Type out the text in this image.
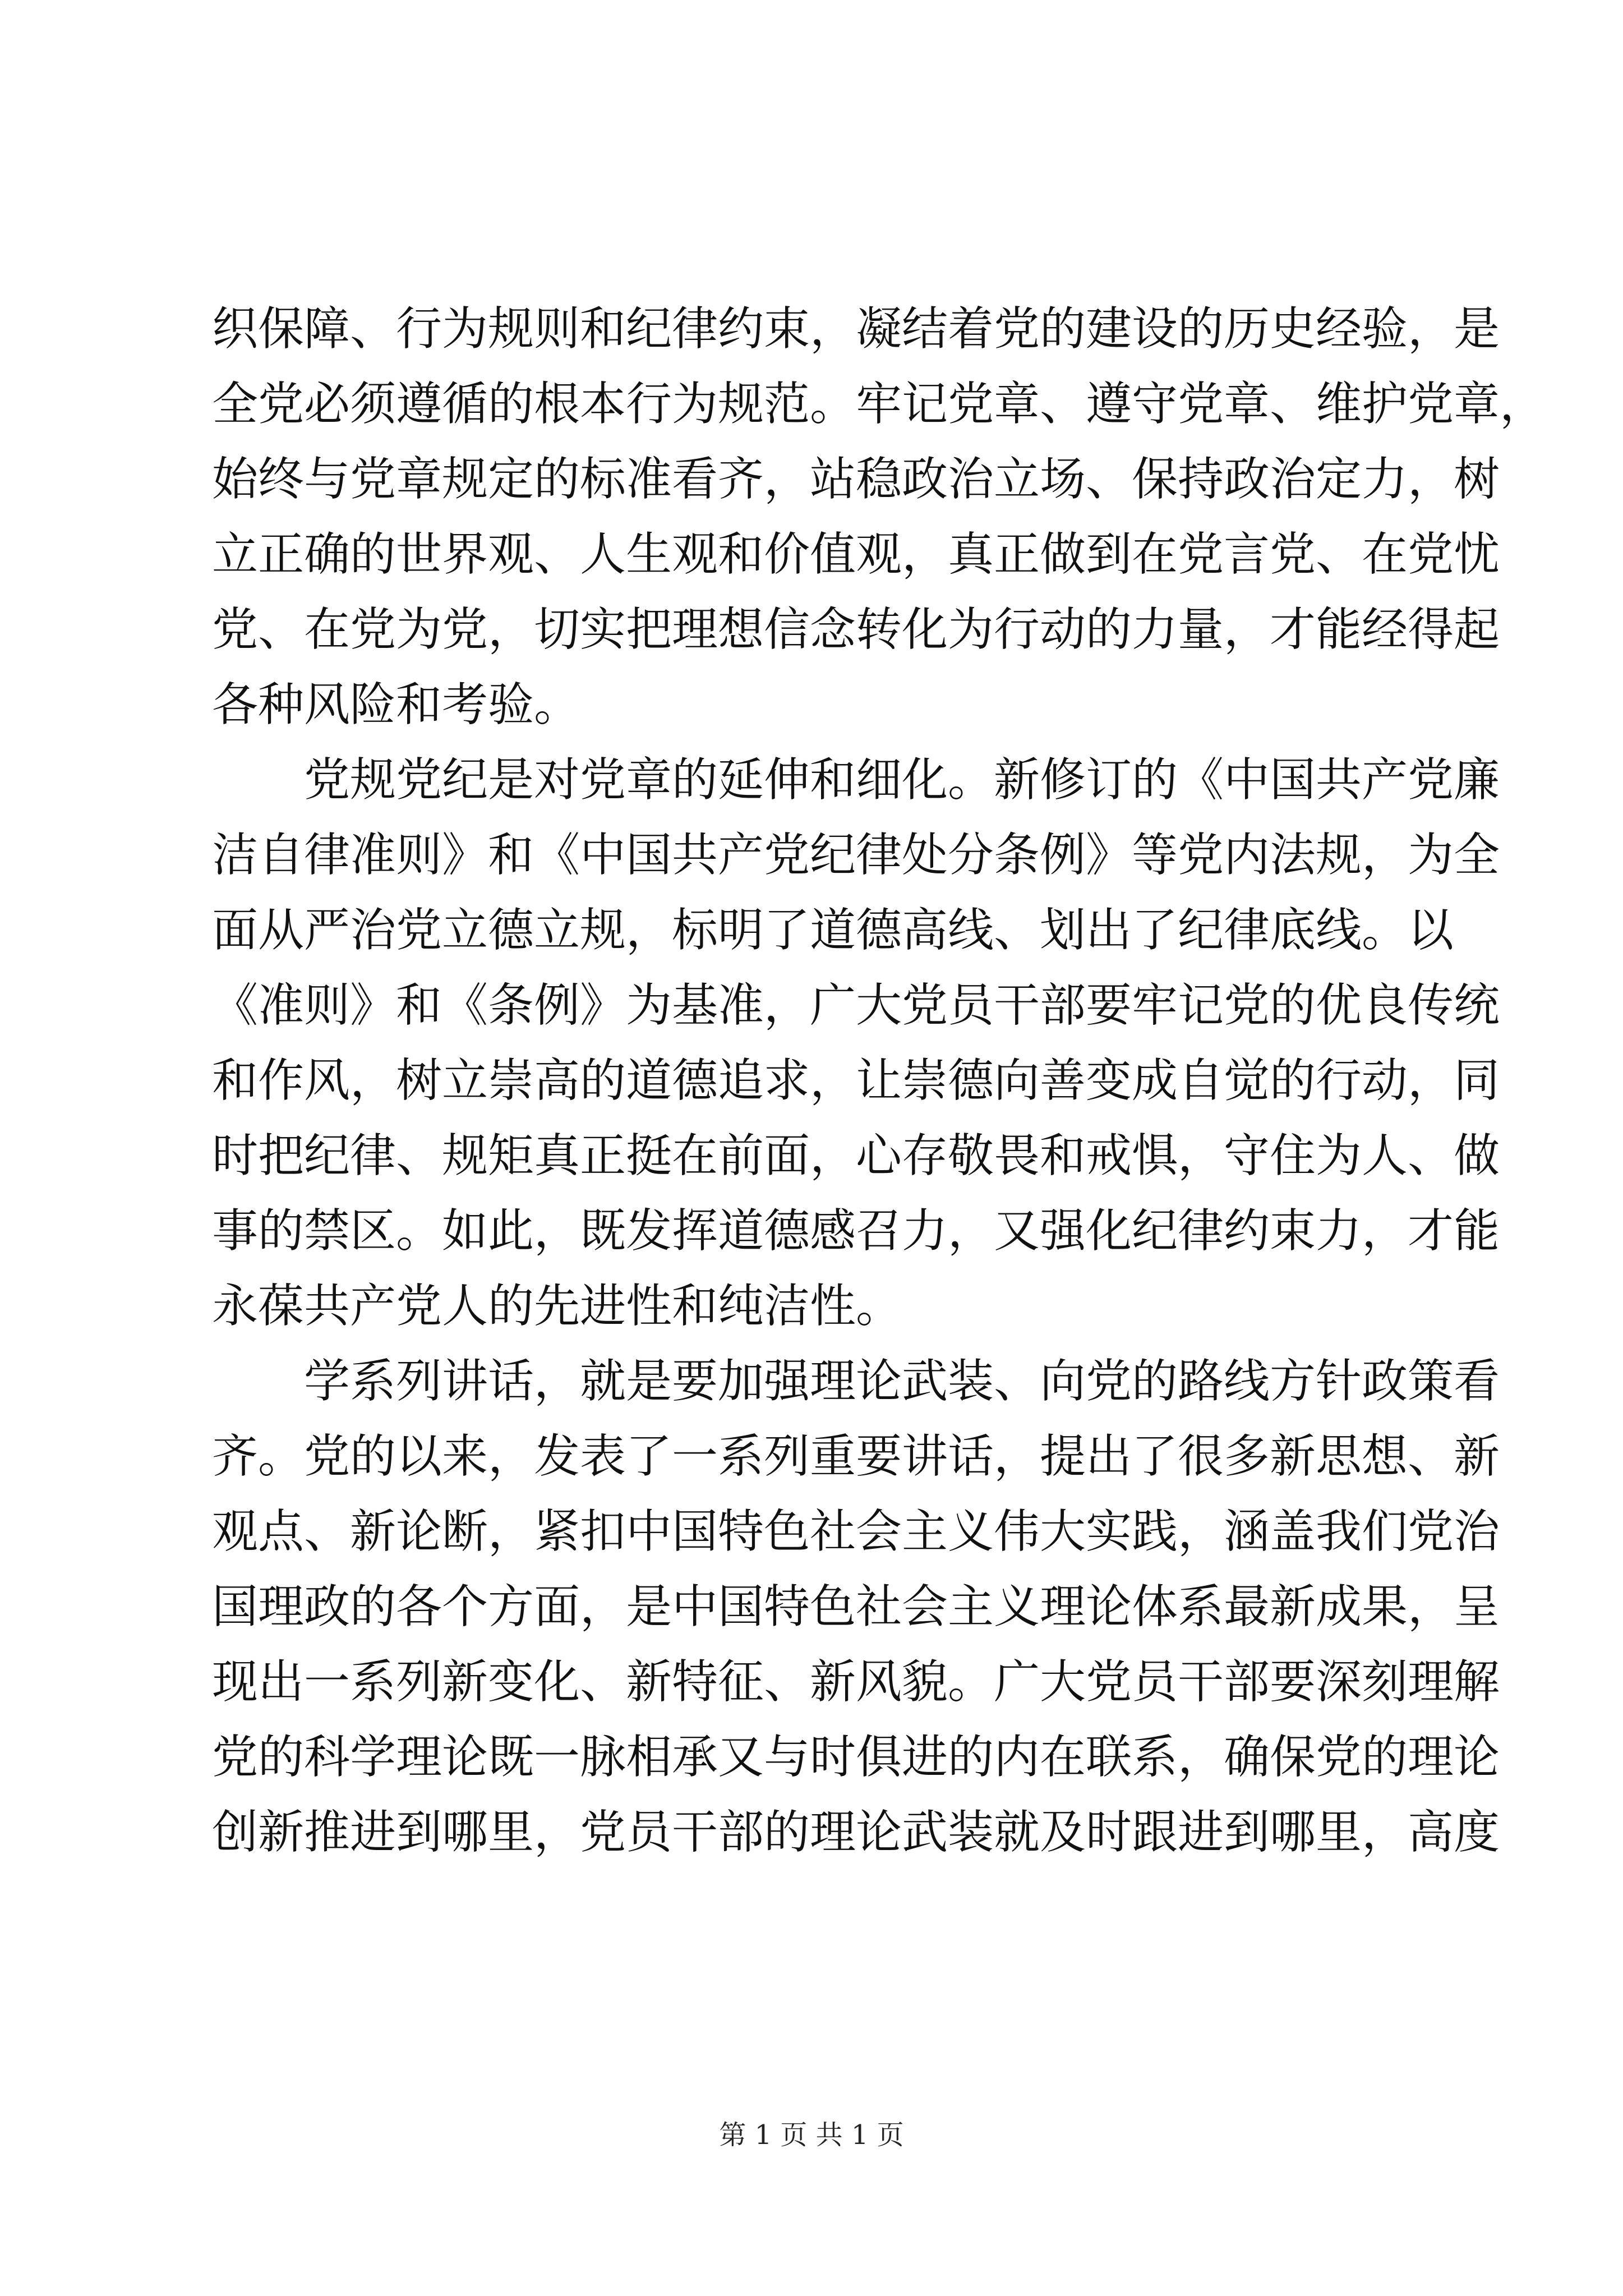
织保障、行为规则和纪律约束，凝结着党的建设的历史经验，是
全党必须遵循的根本行为规范。牢记党章、遵守党章、维护党章，
始终与党章规定的标准看齐，站稳政治立场、保持政治定力，树
立正确的世界观、人生观和价值观，真正做到在党言党、在党忧
党、在党为党，切实把理想信念转化为行动的力量，才能经得起
各种风险和考验。
党规党纪是对党章的延伸和细化。新修订的《中国共产党廉
洁自律准则》和《中国共产党纪律处分条例》等党内法规，为全
面从严治党立德立规，标明了道德高线、划出了纪律底线。以
《准则》和《条例》为基准，广大党员干部要牢记党的优良传统
和作风，树立崇高的道德追求，让崇德向善变成自觉的行动，同
时把纪律、规矩真正挺在前面，心存敬畏和戒惧，守住为人、做
事的禁区。如此，既发挥道德感召力，又强化纪律约束力，才能
永葆共产党人的先进性和纯洁性。
学系列讲话，就是要加强理论武装、向党的路线方针政策看
齐。党的以来，发表了一系列重要讲话，提出了很多新思想、新
观点、新论断，紧扣中国特色社会主义伟大实践，涵盖我们党治
国理政的各个方面，是中国特色社会主义理论体系最新成果，呈
现出一系列新变化、新特征、新风貌。广大党员干部要深刻理解
党的科学理论既一脉相承又与时俱进的内在联系，确保党的理论
创新推进到哪里，党员干部的理论武装就及时跟进到哪里，高度
第 1 页 共 1 页
